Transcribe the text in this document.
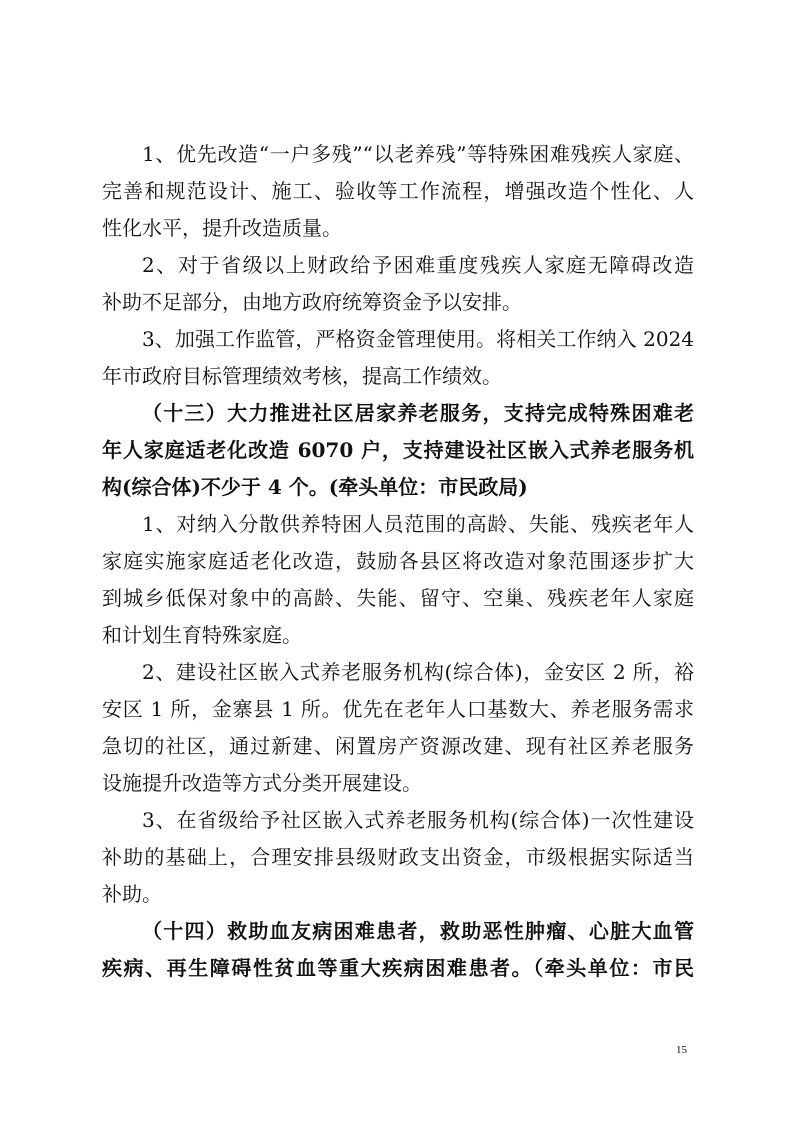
1、优先改造“一户多残”“以老养残”等特殊困难残疾人家庭、
完善和规范设计、施工、验收等工作流程，增强改造个性化、人
性化水平，提升改造质量。
2、对于省级以上财政给予困难重度残疾人家庭无障碍改造
补助不足部分，由地方政府统筹资金予以安排。
3、加强工作监管，严格资金管理使用。将相关工作纳入 2024
年市政府目标管理绩效考核，提高工作绩效。
（十三）大力推进社区居家养老服务，支持完成特殊困难老
年人家庭适老化改造 6070 户，支持建设社区嵌入式养老服务机
构(综合体)不少于 4 个。(牵头单位：市民政局)
1、对纳入分散供养特困人员范围的高龄、失能、残疾老年人
家庭实施家庭适老化改造，鼓励各县区将改造对象范围逐步扩大
到城乡低保对象中的高龄、失能、留守、空巢、残疾老年人家庭
和计划生育特殊家庭。
2、建设社区嵌入式养老服务机构(综合体)，金安区 2 所，裕
安区 1 所，金寨县 1 所。优先在老年人口基数大、养老服务需求
急切的社区，通过新建、闲置房产资源改建、现有社区养老服务
设施提升改造等方式分类开展建设。
3、在省级给予社区嵌入式养老服务机构(综合体)一次性建设
补助的基础上，合理安排县级财政支出资金，市级根据实际适当
补助。
（十四）救助血友病困难患者，救助恶性肿瘤、心脏大血管
疾病、再生障碍性贫血等重大疾病困难患者。（牵头单位：市民
15
